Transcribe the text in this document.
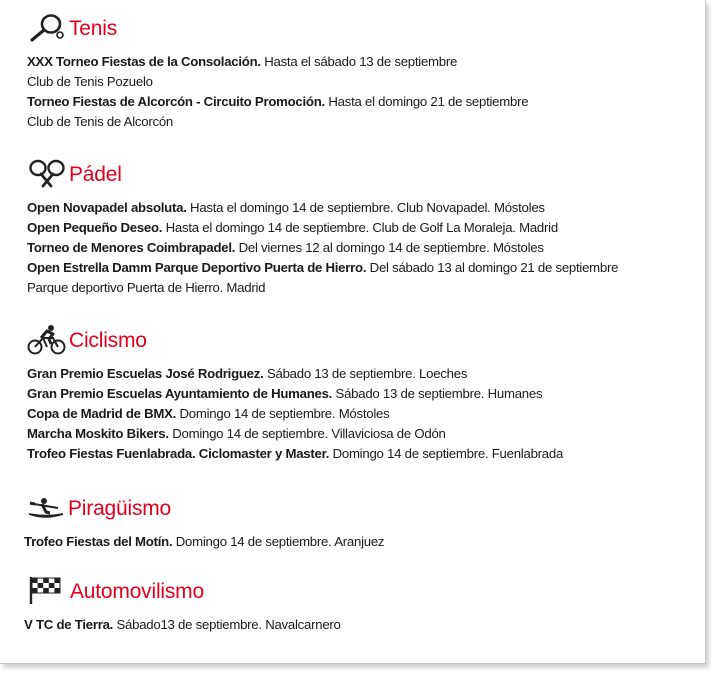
Tenis
XXX Torneo Fiestas de la Consolación. Hasta el sábado 13 de septiembre
Club de Tenis Pozuelo
Torneo Fiestas de Alcorcón - Circuito Promoción. Hasta el domingo 21 de septiembre
Club de Tenis de Alcorcón
Pádel
Open Novapadel absoluta. Hasta el domingo 14 de septiembre. Club Novapadel. Móstoles
Open Pequeño Deseo. Hasta el domingo 14 de septiembre. Club de Golf La Moraleja. Madrid
Torneo de Menores Coimbrapadel. Del viernes 12 al domingo 14 de septiembre. Móstoles
Open Estrella Damm Parque Deportivo Puerta de Hierro. Del sábado 13 al domingo 21 de septiembre
Parque deportivo Puerta de Hierro. Madrid
Ciclismo
Gran Premio Escuelas José Rodriguez. Sábado 13 de septiembre. Loeches
Gran Premio Escuelas Ayuntamiento de Humanes. Sábado 13 de septiembre. Humanes
Copa de Madrid de BMX. Domingo 14 de septiembre. Móstoles
Marcha Moskito Bikers. Domingo 14 de septiembre. Villaviciosa de Odón
Trofeo Fiestas Fuenlabrada. Ciclomaster y Master. Domingo 14 de septiembre. Fuenlabrada
Piragüismo
Trofeo Fiestas del Motín. Domingo 14 de septiembre. Aranjuez
Automovilismo
V TC de Tierra. Sábado13 de septiembre. Navalcarnero
